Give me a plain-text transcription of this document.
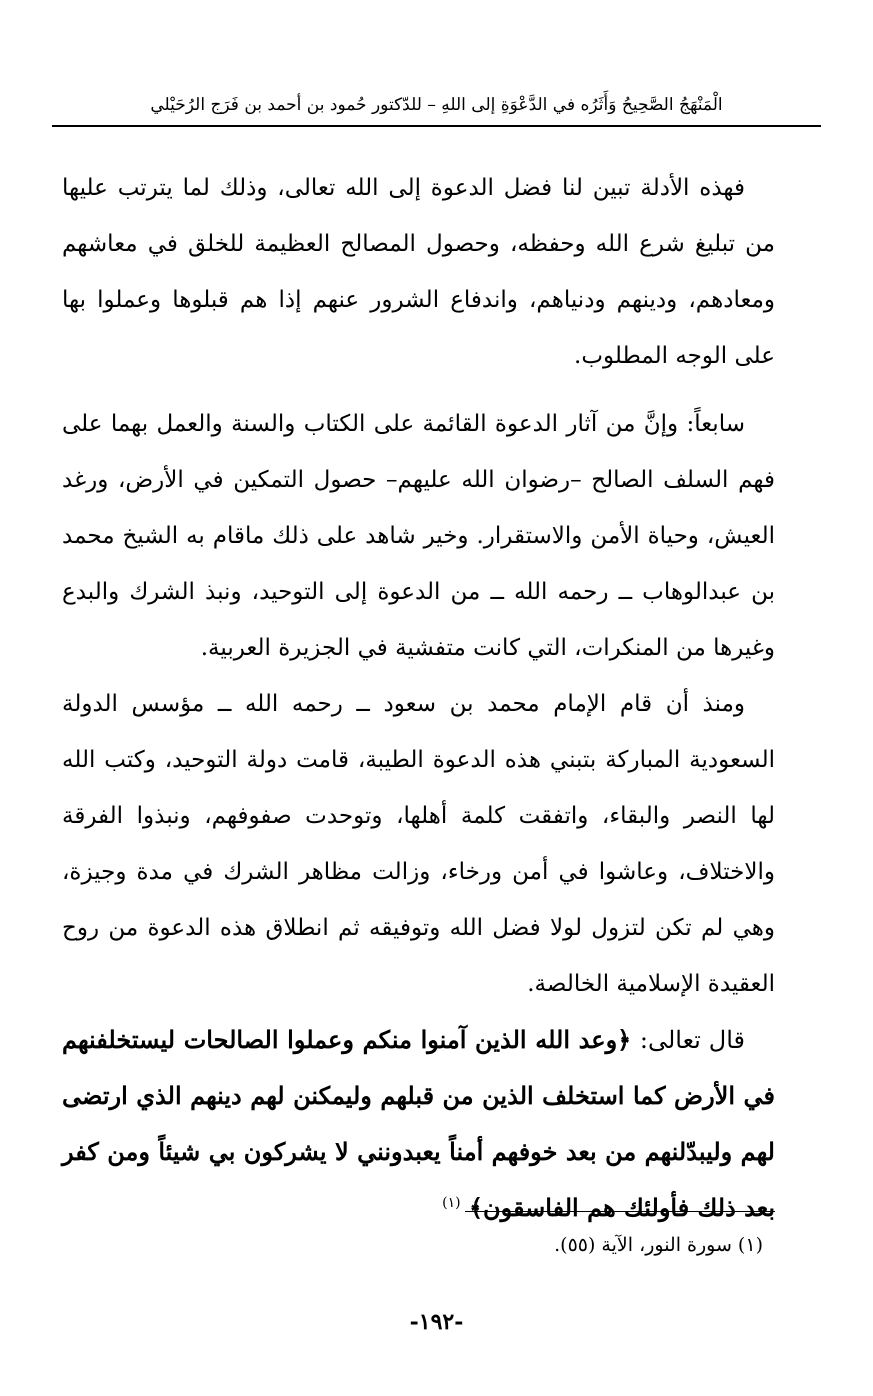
الْمَنْهَجُ الصَّحِيحُ وَأَثَرُه في الدَّعْوَةِ إلى اللهِ – للدّكتور حُمود بن أحمد بن فَرَج الرُحَيْلي

فهذه الأدلة تبين لنا فضل الدعوة إلى الله تعالى، وذلك لما يترتب عليها من تبليغ شرع الله وحفظه، وحصول المصالح العظيمة للخلق في معاشهم ومعادهم، ودينهم ودنياهم، واندفاع الشرور عنهم إذا هم قبلوها وعملوا بها على الوجه المطلوب.

سابعاً: وإنَّ من آثار الدعوة القائمة على الكتاب والسنة والعمل بهما على فهم السلف الصالح –رضوان الله عليهم– حصول التمكين في الأرض، ورغد العيش، وحياة الأمن والاستقرار. وخير شاهد على ذلك ماقام به الشيخ محمد بن عبدالوهاب ــ رحمه الله ــ من الدعوة إلى التوحيد، ونبذ الشرك والبدع وغيرها من المنكرات، التي كانت متفشية في الجزيرة العربية.

ومنذ أن قام الإمام محمد بن سعود ــ رحمه الله ــ مؤسس الدولة السعودية المباركة بتبني هذه الدعوة الطيبة، قامت دولة التوحيد، وكتب الله لها النصر والبقاء، واتفقت كلمة أهلها، وتوحدت صفوفهم، ونبذوا الفرقة والاختلاف، وعاشوا في أمن ورخاء، وزالت مظاهر الشرك في مدة وجيزة، وهي لم تكن لتزول لولا فضل الله وتوفيقه ثم انطلاق هذه الدعوة من روح العقيدة الإسلامية الخالصة.

قال تعالى: ﴿وعد الله الذين آمنوا منكم وعملوا الصالحات ليستخلفنهم في الأرض كما استخلف الذين من قبلهم وليمكنن لهم دينهم الذي ارتضى لهم وليبدّلنهم من بعد خوفهم أمناً يعبدونني لا يشركون بي شيئاً ومن كفر بعد ذلك فأولئك هم الفاسقون﴾ $^{(١)}$

(١) سورة النور، الآية (٥٥).
-١٩٢-
